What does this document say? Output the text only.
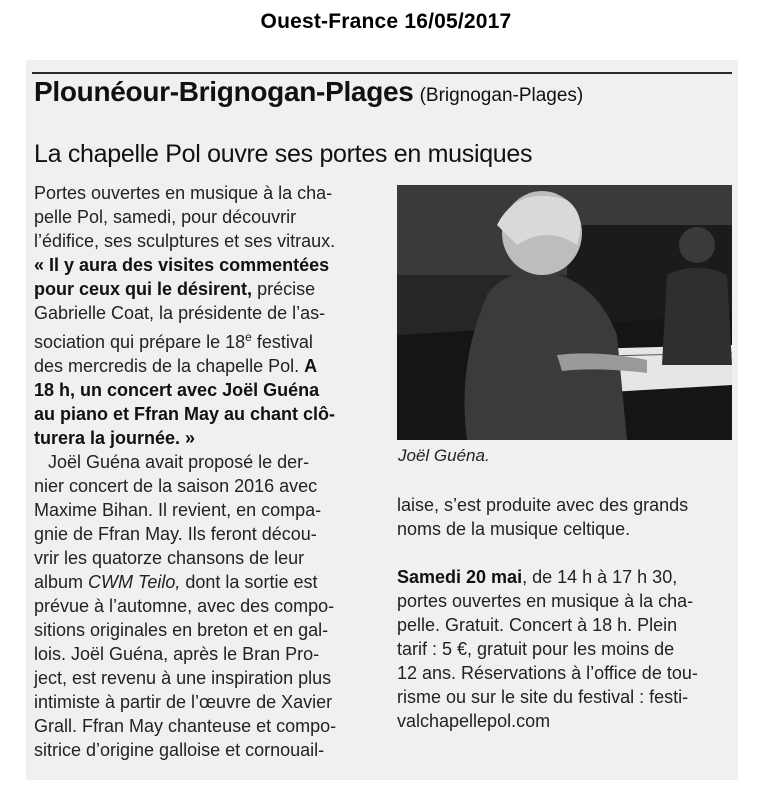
Ouest-France 16/05/2017
Plounéour-Brignogan-Plages (Brignogan-Plages)
La chapelle Pol ouvre ses portes en musiques
Portes ouvertes en musique à la cha-
pelle Pol, samedi, pour découvrir
l’édifice, ses sculptures et ses vitraux.
« Il y aura des visites commentées
pour ceux qui le désirent, précise
Gabrielle Coat, la présidente de l’as-
sociation qui prépare le 18e festival
des mercredis de la chapelle Pol. A
18 h, un concert avec Joël Guéna
au piano et Ffran May au chant clô-
turera la journée. »
Joël Guéna avait proposé le der-
nier concert de la saison 2016 avec
Maxime Bihan. Il revient, en compa-
gnie de Ffran May. Ils feront décou-
vrir les quatorze chansons de leur
album CWM Teilo, dont la sortie est
prévue à l’automne, avec des compo-
sitions originales en breton et en gal-
lois. Joël Guéna, après le Bran Pro-
ject, est revenu à une inspiration plus
intimiste à partir de l’œuvre de Xavier
Grall. Ffran May chanteuse et compo-
sitrice d’origine galloise et cornouail-
Joël Guéna.
laise, s’est produite avec des grands
noms de la musique celtique.
Samedi 20 mai, de 14 h à 17 h 30,
portes ouvertes en musique à la cha-
pelle. Gratuit. Concert à 18 h. Plein
tarif : 5 €, gratuit pour les moins de
12 ans. Réservations à l’office de tou-
risme ou sur le site du festival : festi-
valchapellepol.com
